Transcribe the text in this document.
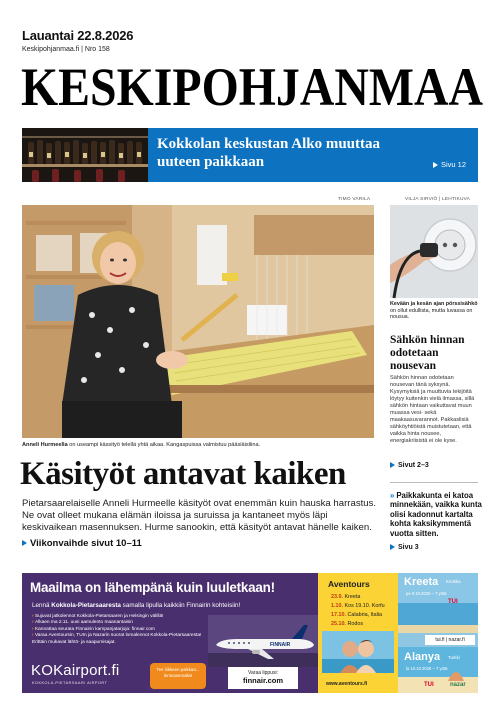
Lauantai 22.8.2026
Keskipohjanmaa.fi | Nro 158
KESKIPOHJANMAA
Kokkolan keskustan Alko muuttaa uuteen paikkaan	Sivu 12
TIMO VARILA	VILJA SIRVIÖ | LEHTIKUVA
Anneli Hurmeella on useampi kässityö telellä yhtä aikaa. Kangaspuissa valmistuu pääsiäisliina.
Käsityöt antavat kaiken
Pietarsaarelaiselle Anneli Hurmeelle käsityöt ovat enemmän kuin hauska harrastus. Ne ovat olleet mukana elämän iloissa ja suruissa ja kantaneet myös läpi keskivaikean masennuksen. Hurme sanookin, että käsityöt antavat hänelle kaiken.
Viikonvaihde sivut 10–11
Kevään ja kesän ajan pörssisähkö on ollut edullista, mutta luvassa on nousua.
Sähkön hinnan odotetaan nousevan
Sähkön hinnan odotetaan nousevan tänä syksynä. Kysymyksiä ja muuttuvia tekijöitä löytyy kuitenkin vielä ilmassa, sillä sähkön hintaan vaikuttavat muun muassa vesi- sekä maakaasuvarannot. Pakkaslisiä sähköyhtiöistä muistutetaan, että vaikka hinta nousee, energiakriisistä ei ole kyse.
Sivut 2–3
» Paikkakunta ei katoa minnekään, vaikka kunta olisi kadonnut kartalta kohta kaksikymmentä vuotta sitten.
Sivu 3
Maailma on lähempänä kuin luuletkaan!
Lennä Kokkola-Pietarsaaresta samalla lipulla kaikkiin Finnairin kohteisiin!
› Sujuvat jatkolennot Kokkola-Pietarsaaren ja Helsingin välillä!
› Alkaen ma 2.11. uusi aamulento maanantaisin
› Kannattaa seurata Finnairin kampanjatarjoja: finnair.com
› Varaa Aventoursin, TUIn ja Nazarin suorat lomalennot Kokkola-Pietarsaaresta! Erittäin mukavat lähtö- ja saapumisajat.
KOKairport.fi
KOKKOLA-PIETARSAARI AIRPORT
Tee liikkeen paikkaa... lentoasemalla!
FINNAIR
Varaa lippusi:
finnair.com
Aventours
23.9. Kreeta
1.10. Kos 19.10. Korfu
17.10. Calabria, Italia
25.10. Rodos
www.aventours.fi
Kreeta Kreikka
pe 9.10.2026 – 7 yötä
TUI
tui.fi | nazar.fi
Alanya Turkki
la 10.10.2026 – 7 yötä
TUI	nazar
